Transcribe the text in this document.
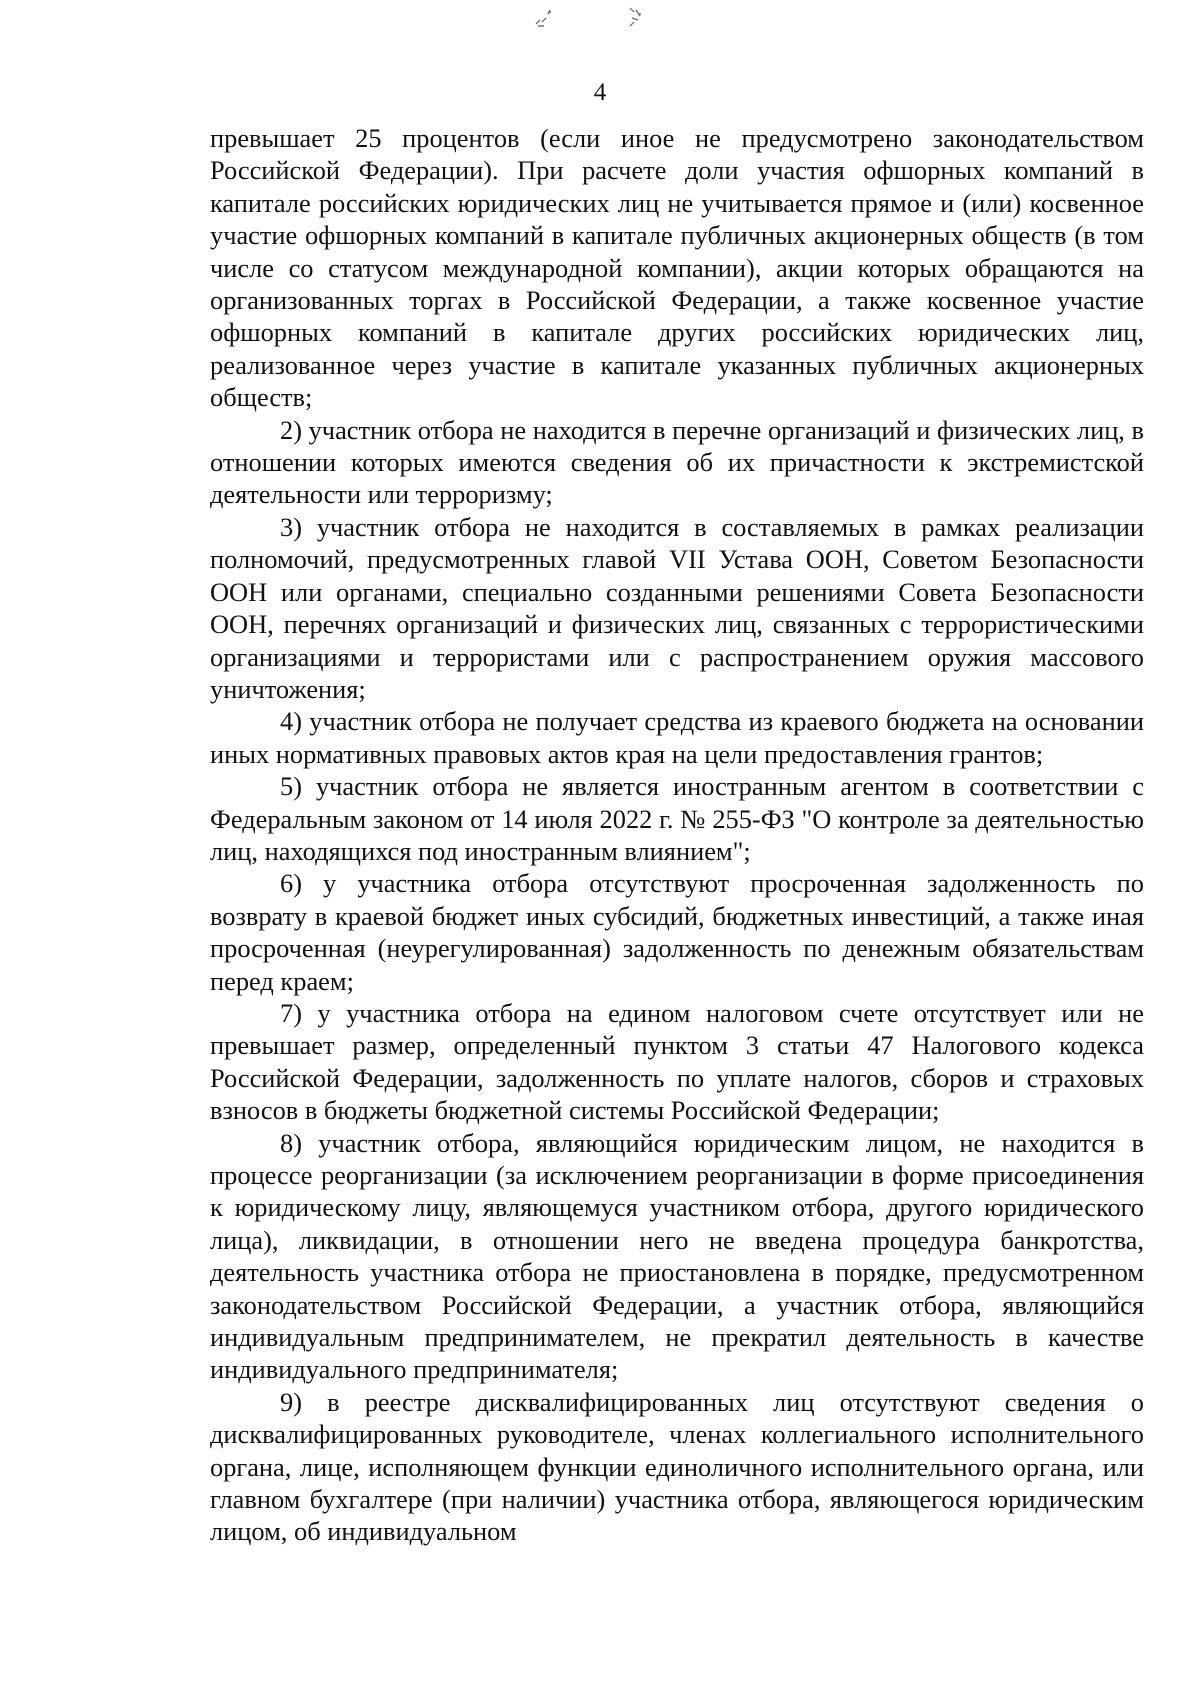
4

превышает 25 процентов (если иное не предусмотрено законодательством Российской Федерации). При расчете доли участия офшорных компаний в капитале российских юридических лиц не учитывается прямое и (или) косвенное участие офшорных компаний в капитале публичных акционерных обществ (в том числе со статусом международной компании), акции которых обращаются на организованных торгах в Российской Федерации, а также косвенное участие офшорных компаний в капитале других российских юридических лиц, реализованное через участие в капитале указанных публичных акционерных обществ;

2) участник отбора не находится в перечне организаций и физических лиц, в отношении которых имеются сведения об их причастности к экстремистской деятельности или терроризму;

3) участник отбора не находится в составляемых в рамках реализации полномочий, предусмотренных главой VII Устава ООН, Советом Безопасности ООН или органами, специально созданными решениями Совета Безопасности ООН, перечнях организаций и физических лиц, связанных с террористическими организациями и террористами или с распространением оружия массового уничтожения;

4) участник отбора не получает средства из краевого бюджета на основании иных нормативных правовых актов края на цели предоставления грантов;

5) участник отбора не является иностранным агентом в соответствии с Федеральным законом от 14 июля 2022 г. № 255-ФЗ "О контроле за деятельностью лиц, находящихся под иностранным влиянием";

6) у участника отбора отсутствуют просроченная задолженность по возврату в краевой бюджет иных субсидий, бюджетных инвестиций, а также иная просроченная (неурегулированная) задолженность по денежным обязательствам перед краем;

7) у участника отбора на едином налоговом счете отсутствует или не превышает размер, определенный пунктом 3 статьи 47 Налогового кодекса Российской Федерации, задолженность по уплате налогов, сборов и страховых взносов в бюджеты бюджетной системы Российской Федерации;

8) участник отбора, являющийся юридическим лицом, не находится в процессе реорганизации (за исключением реорганизации в форме присоединения к юридическому лицу, являющемуся участником отбора, другого юридического лица), ликвидации, в отношении него не введена процедура банкротства, деятельность участника отбора не приостановлена в порядке, предусмотренном законодательством Российской Федерации, а участник отбора, являющийся индивидуальным предпринимателем, не прекратил деятельность в качестве индивидуального предпринимателя;

9) в реестре дисквалифицированных лиц отсутствуют сведения о дисквалифицированных руководителе, членах коллегиального исполнительного органа, лице, исполняющем функции единоличного исполнительного органа, или главном бухгалтере (при наличии) участника отбора, являющегося юридическим лицом, об индивидуальном
